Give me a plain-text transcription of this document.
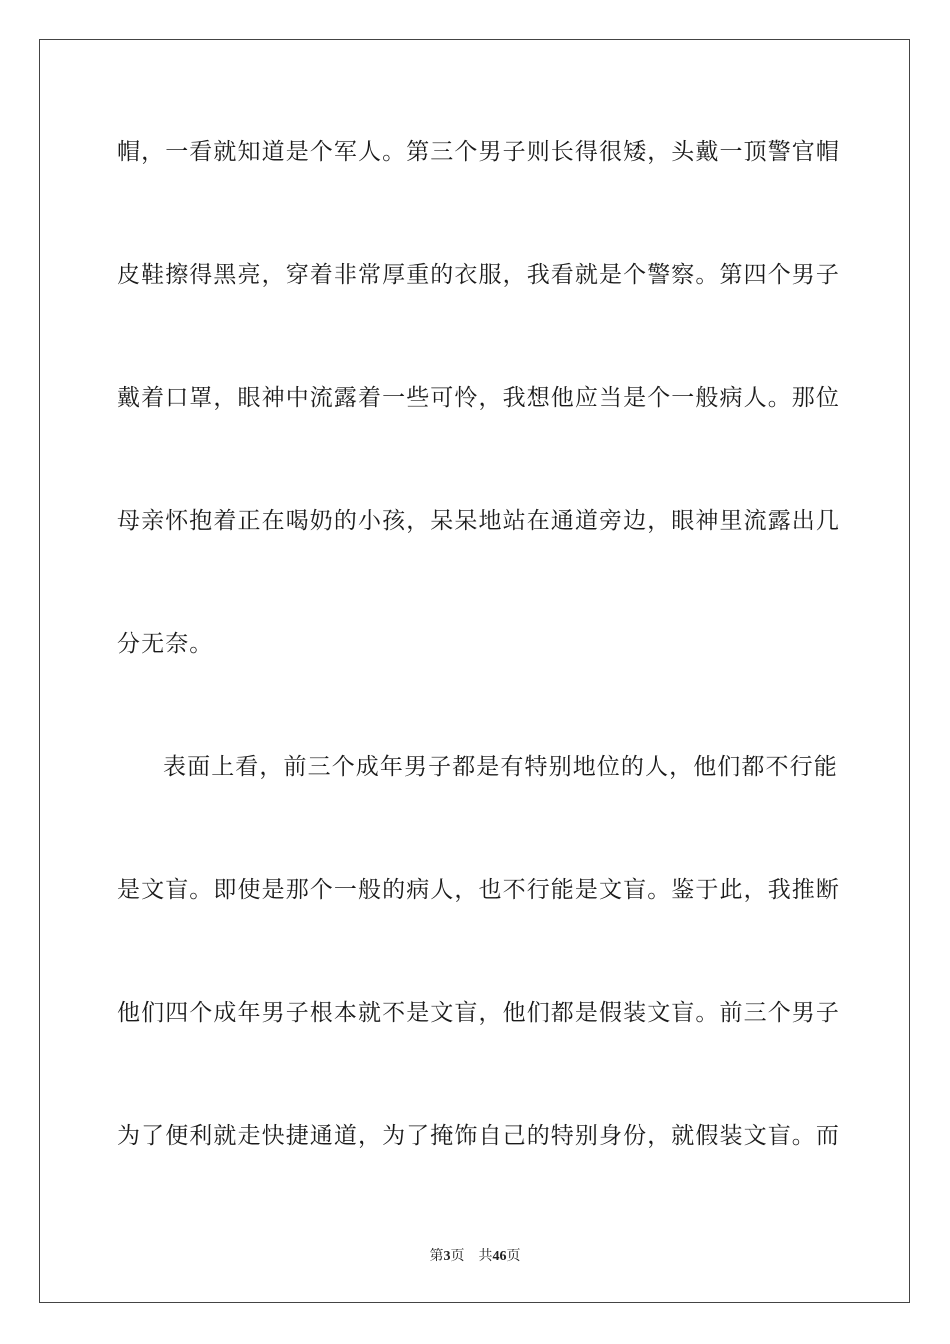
帽，一看就知道是个军人。第三个男子则长得很矮，头戴一顶警官帽

皮鞋擦得黑亮，穿着非常厚重的衣服，我看就是个警察。第四个男子

戴着口罩，眼神中流露着一些可怜，我想他应当是个一般病人。那位

母亲怀抱着正在喝奶的小孩，呆呆地站在通道旁边，眼神里流露出几

分无奈。

表面上看，前三个成年男子都是有特别地位的人，他们都不行能

是文盲。即使是那个一般的病人，也不行能是文盲。鉴于此，我推断

他们四个成年男子根本就不是文盲，他们都是假装文盲。前三个男子

为了便利就走快捷通道，为了掩饰自己的特别身份，就假装文盲。而

第3页 共46页
